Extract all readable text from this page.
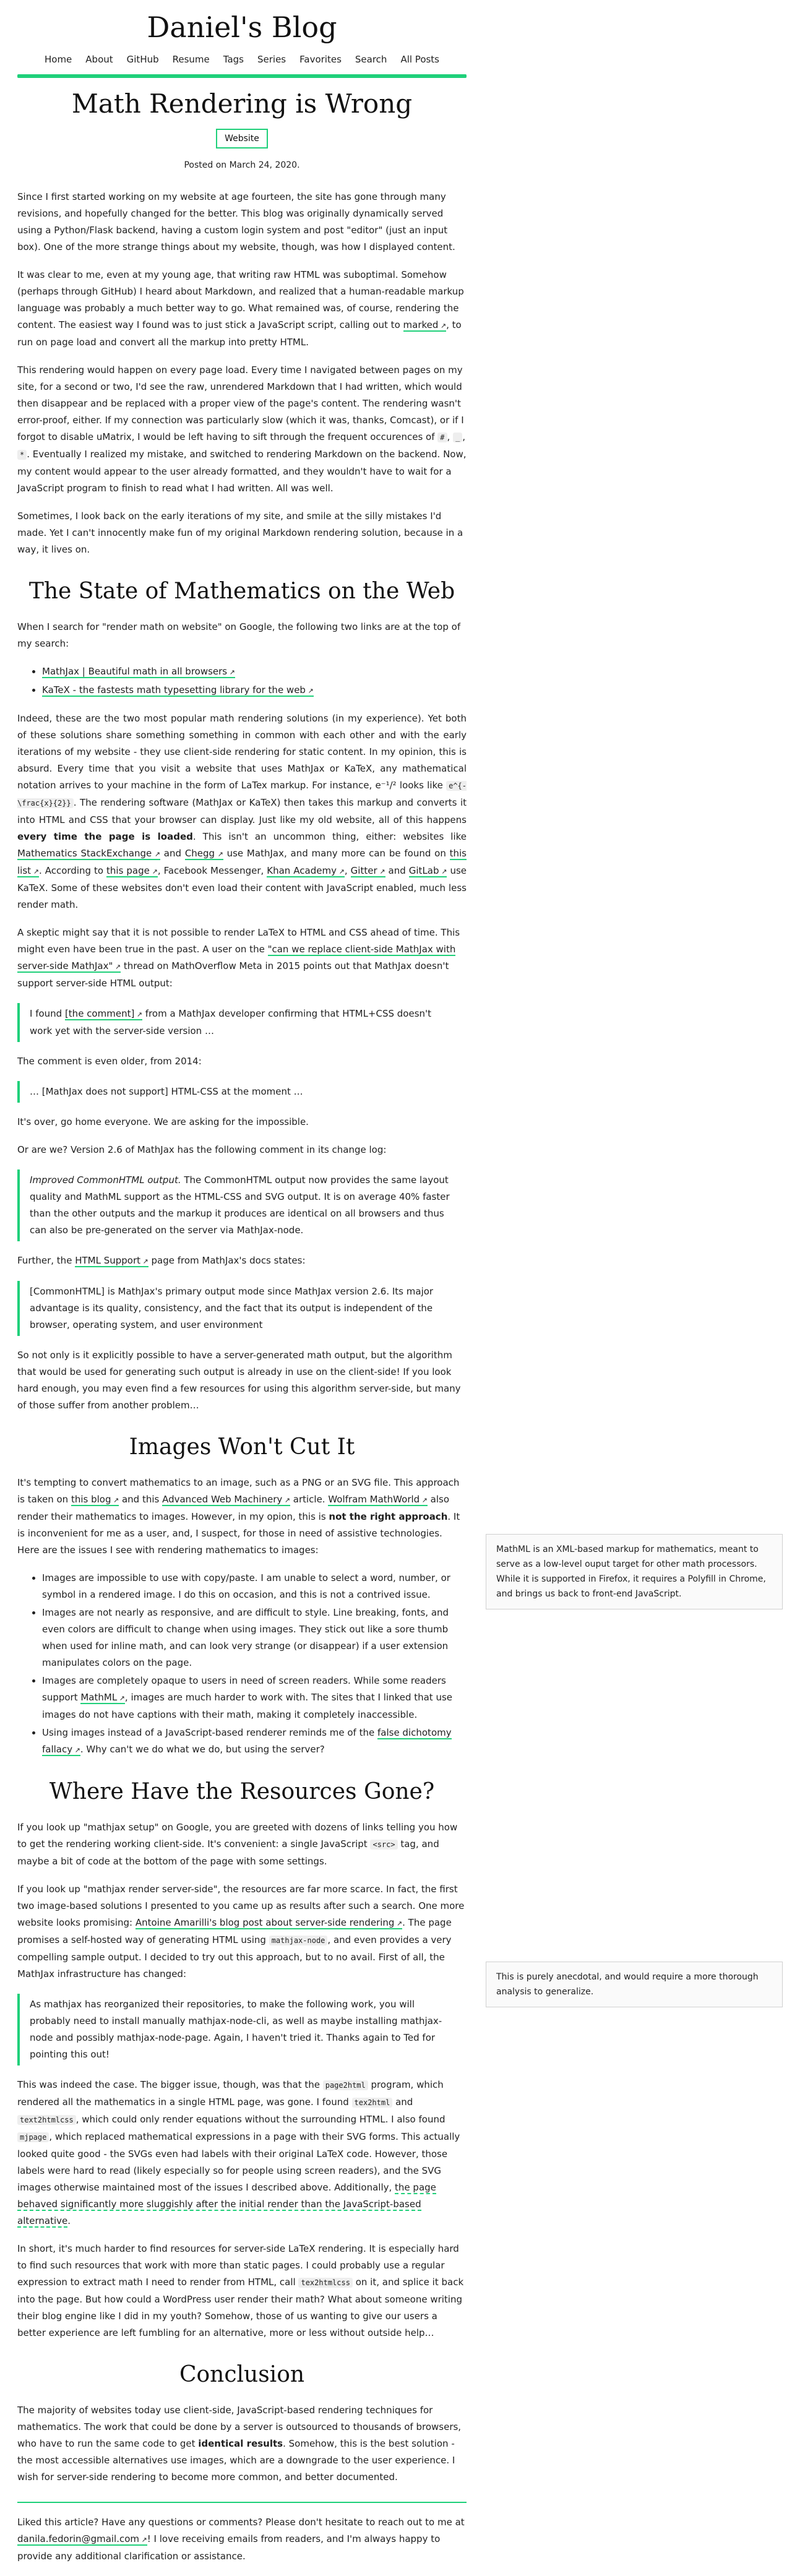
Daniel's Blog
Home	About	GitHub	Resume	Tags	Series	Favorites	Search	All Posts
Math Rendering is Wrong
Website
Posted on March 24, 2020.

Since I first started working on my website at age fourteen, the site has gone through many revisions, and hopefully changed for the better. This blog was originally dynamically served using a Python/Flask backend, having a custom login system and post "editor" (just an input box). One of the more strange things about my website, though, was how I displayed content.

It was clear to me, even at my young age, that writing raw HTML was suboptimal. Somehow (perhaps through GitHub) I heard about Markdown, and realized that a human-readable markup language was probably a much better way to go. What remained was, of course, rendering the content. The easiest way I found was to just stick a JavaScript script, calling out to marked ↗ , to run on page load and convert all the markup into pretty HTML.

This rendering would happen on every page load. Every time I navigated between pages on my site, for a second or two, I'd see the raw, unrendered Markdown that I had written, which would then disappear and be replaced with a proper view of the page's content. The rendering wasn't error-proof, either. If my connection was particularly slow (which it was, thanks, Comcast), or if I forgot to disable uMatrix, I would be left having to sift through the frequent occurences of # , _ , * . Eventually I realized my mistake, and switched to rendering Markdown on the backend. Now, my content would appear to the user already formatted, and they wouldn't have to wait for a JavaScript program to finish to read what I had written. All was well.

Sometimes, I look back on the early iterations of my site, and smile at the silly mistakes I'd made. Yet I can't innocently make fun of my original Markdown rendering solution, because in a way, it lives on.

The State of Mathematics on the Web

When I search for "render math on website" on Google, the following two links are at the top of my search:

• MathJax | Beautiful math in all browsers ↗
• KaTeX - the fastests math typesetting library for the web ↗

Indeed, these are the two most popular math rendering solutions (in my experience). Yet both of these solutions share something something in common with each other and with the early iterations of my website - they use client-side rendering for static content. In my opinion, this is absurd. Every time that you visit a website that uses MathJax or KaTeX, any mathematical notation arrives to your machine in the form of LaTex markup. For instance, e⁻¹/² looks like e^{-\frac{x}{2}} . The rendering software (MathJax or KaTeX) then takes this markup and converts it into HTML and CSS that your browser can display. Just like my old website, all of this happens every time the page is loaded. This isn't an uncommon thing, either: websites like Mathematics StackExchange ↗ and Chegg ↗ use MathJax, and many more can be found on this list ↗ . According to this page ↗ , Facebook Messenger, Khan Academy ↗ , Gitter ↗ and GitLab ↗ use KaTeX. Some of these websites don't even load their content with JavaScript enabled, much less render math.

A skeptic might say that it is not possible to render LaTeX to HTML and CSS ahead of time. This might even have been true in the past. A user on the "can we replace client-side MathJax with server-side MathJax" ↗ thread on MathOverflow Meta in 2015 points out that MathJax doesn't support server-side HTML output:

I found [the comment] ↗ from a MathJax developer confirming that HTML+CSS doesn't work yet with the server-side version …

The comment is even older, from 2014:

… [MathJax does not support] HTML-CSS at the moment …

It's over, go home everyone. We are asking for the impossible.

Or are we? Version 2.6 of MathJax has the following comment in its change log:

Improved CommonHTML output. The CommonHTML output now provides the same layout quality and MathML support as the HTML-CSS and SVG output. It is on average 40% faster than the other outputs and the markup it produces are identical on all browsers and thus can also be pre-generated on the server via MathJax-node.

Further, the HTML Support ↗ page from MathJax's docs states:

[CommonHTML] is MathJax's primary output mode since MathJax version 2.6. Its major advantage is its quality, consistency, and the fact that its output is independent of the browser, operating system, and user environment

So not only is it explicitly possible to have a server-generated math output, but the algorithm that would be used for generating such output is already in use on the client-side! If you look hard enough, you may even find a few resources for using this algorithm server-side, but many of those suffer from another problem…

Images Won't Cut It

It's tempting to convert mathematics to an image, such as a PNG or an SVG file. This approach is taken on this blog ↗ and this Advanced Web Machinery ↗ article. Wolfram MathWorld ↗ also render their mathematics to images. However, in my opion, this is not the right approach. It is inconvenient for me as a user, and, I suspect, for those in need of assistive technologies. Here are the issues I see with rendering mathematics to images:

• Images are impossible to use with copy/paste. I am unable to select a word, number, or symbol in a rendered image. I do this on occasion, and this is not a contrived issue.
• Images are not nearly as responsive, and are difficult to style. Line breaking, fonts, and even colors are difficult to change when using images. They stick out like a sore thumb when used for inline math, and can look very strange (or disappear) if a user extension manipulates colors on the page.
• Images are completely opaque to users in need of screen readers. While some readers support MathML ↗ , images are much harder to work with. The sites that I linked that use images do not have captions with their math, making it completely inaccessible.
• Using images instead of a JavaScript-based renderer reminds me of the false dichotomy fallacy ↗ . Why can't we do what we do, but using the server?
Where Have the Resources Gone?

If you look up "mathjax setup" on Google, you are greeted with dozens of links telling you how to get the rendering working client-side. It's convenient: a single JavaScript <src> tag, and maybe a bit of code at the bottom of the page with some settings.

If you look up "mathjax render server-side", the resources are far more scarce. In fact, the first two image-based solutions I presented to you came up as results after such a search. One more website looks promising: Antoine Amarilli's blog post about server-side rendering ↗ . The page promises a self-hosted way of generating HTML using mathjax-node , and even provides a very compelling sample output. I decided to try out this approach, but to no avail. First of all, the MathJax infrastructure has changed:

As mathjax has reorganized their repositories, to make the following work, you will probably need to install manually mathjax-node-cli, as well as maybe installing mathjax-node and possibly mathjax-node-page. Again, I haven't tried it. Thanks again to Ted for pointing this out!

This was indeed the case. The bigger issue, though, was that the page2html program, which rendered all the mathematics in a single HTML page, was gone. I found tex2html and text2htmlcss , which could only render equations without the surrounding HTML. I also found mjpage , which replaced mathematical expressions in a page with their SVG forms. This actually looked quite good - the SVGs even had labels with their original LaTeX code. However, those labels were hard to read (likely especially so for people using screen readers), and the SVG images otherwise maintained most of the issues I described above. Additionally, the page behaved significantly more sluggishly after the initial render than the JavaScript-based alternative.

In short, it's much harder to find resources for server-side LaTeX rendering. It is especially hard to find such resources that work with more than static pages. I could probably use a regular expression to extract math I need to render from HTML, call tex2htmlcss on it, and splice it back into the page. But how could a WordPress user render their math? What about someone writing their blog engine like I did in my youth? Somehow, those of us wanting to give our users a better experience are left fumbling for an alternative, more or less without outside help…

Conclusion

The majority of websites today use client-side, JavaScript-based rendering techniques for mathematics. The work that could be done by a server is outsourced to thousands of browsers, who have to run the same code to get identical results. Somehow, this is the best solution - the most accessible alternatives use images, which are a downgrade to the user experience. I wish for server-side rendering to become more common, and better documented.

Liked this article? Have any questions or comments? Please don't hesitate to reach out to me at danila.fedorin@gmail.com ↗ ! I love receiving emails from readers, and I'm always happy to provide any additional clarification or assistance.

MathML is an XML-based markup for mathematics, meant to serve as a low-level ouput target for other math processors. While it is supported in Firefox, it requires a Polyfill in Chrome, and brings us back to front-end JavaScript.
This is purely anecdotal, and would require a more thorough analysis to generalize.
